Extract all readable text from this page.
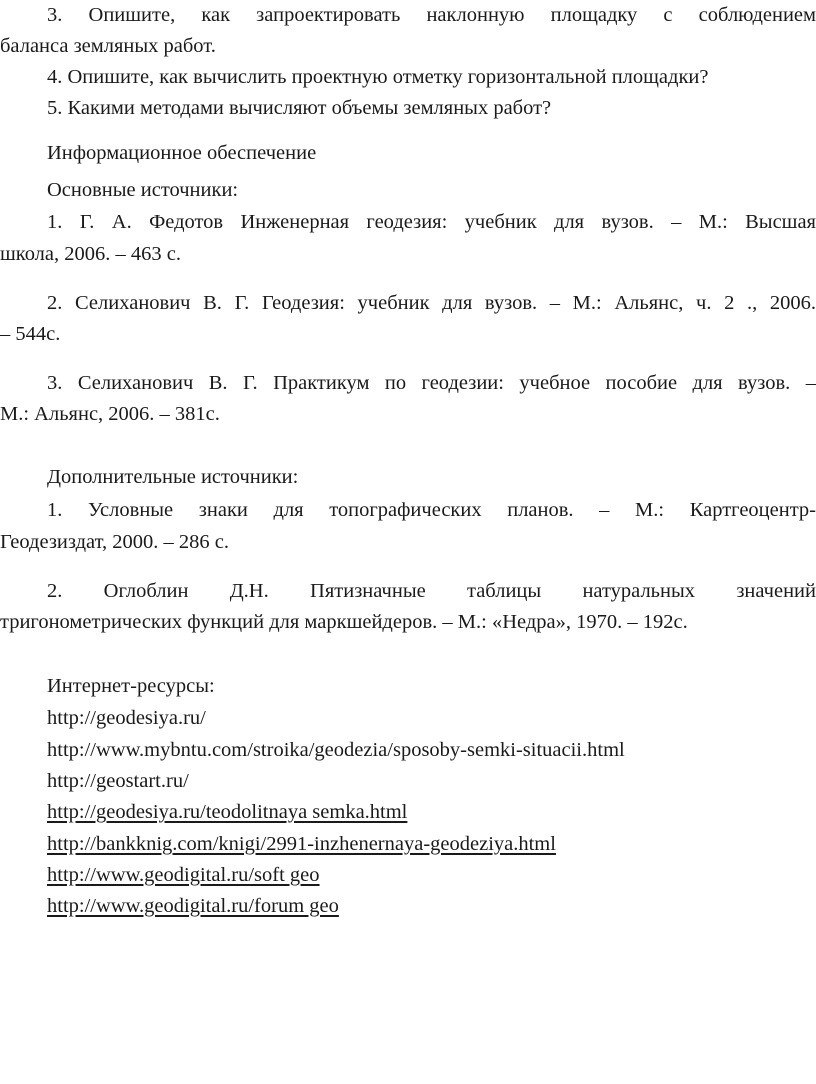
3. Опишите, как запроектировать наклонную площадку с соблюдением
баланса земляных работ.
4. Опишите, как вычислить проектную отметку горизонтальной площадки?
5. Какими методами вычисляют объемы земляных работ?
Информационное обеспечение
Основные источники:
1. Г. А. Федотов Инженерная геодезия: учебник для вузов. – М.: Высшая
школа, 2006. – 463 с.
2. Селиханович В. Г. Геодезия: учебник для вузов. – М.: Альянс, ч. 2 ., 2006.
– 544с.
3. Селиханович В. Г. Практикум по геодезии: учебное пособие для вузов. –
М.: Альянс, 2006. – 381с.
Дополнительные источники:
1. Условные знаки для топографических планов. – М.: Картгеоцентр-
Геодезиздат, 2000. – 286 с.
2. Оглоблин Д.Н. Пятизначные таблицы натуральных значений
тригонометрических функций для маркшейдеров. – М.: «Недра», 1970. – 192с.
Интернет-ресурсы:
http://geodesiya.ru/
http://www.mybntu.com/stroika/geodezia/sposoby-semki-situacii.html
http://geostart.ru/
http://geodesiya.ru/teodolitnaya semka.html
http://bankknig.com/knigi/2991-inzhenernaya-geodeziya.html
http://www.geodigital.ru/soft geo
http://www.geodigital.ru/forum geo
